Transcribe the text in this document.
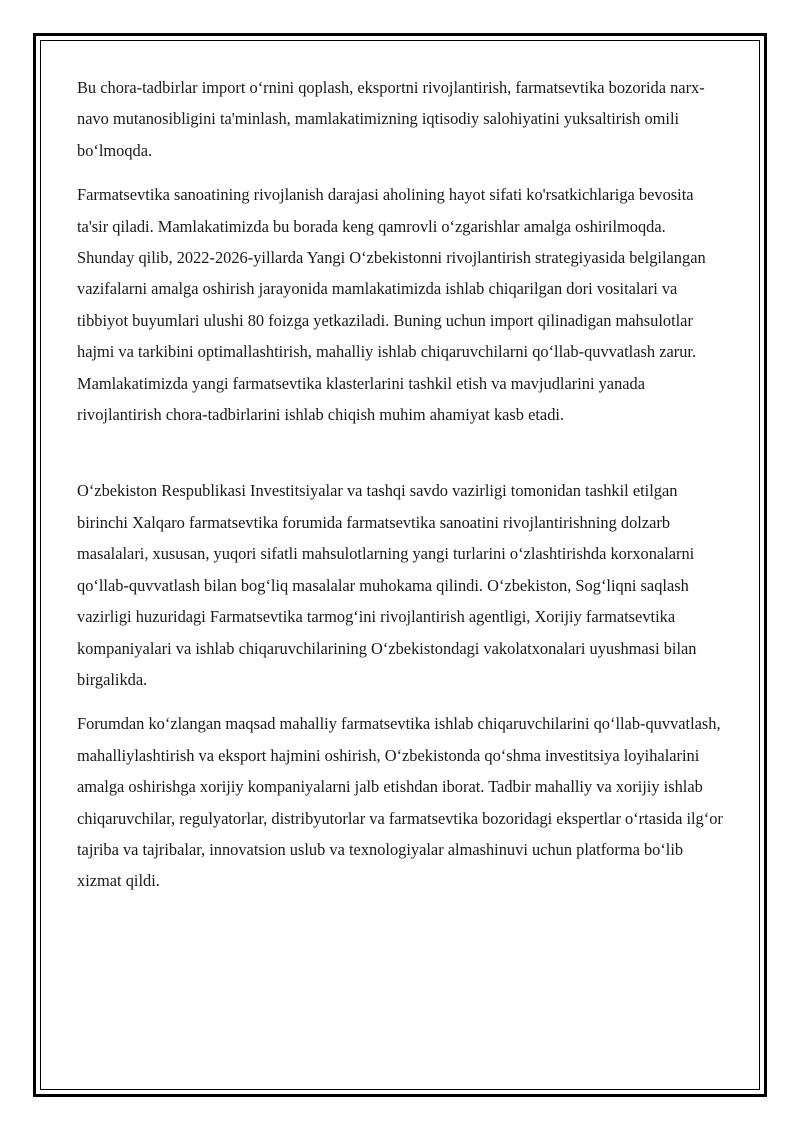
Bu chora-tadbirlar import o‘rnini qoplash, eksportni rivojlantirish, farmatsevtika bozorida narx-navo mutanosibligini ta'minlash, mamlakatimizning iqtisodiy salohiyatini yuksaltirish omili bo‘lmoqda.

Farmatsevtika sanoatining rivojlanish darajasi aholining hayot sifati ko'rsatkichlariga bevosita ta'sir qiladi. Mamlakatimizda bu borada keng qamrovli o‘zgarishlar amalga oshirilmoqda. Shunday qilib, 2022-2026-yillarda Yangi O‘zbekistonni rivojlantirish strategiyasida belgilangan vazifalarni amalga oshirish jarayonida mamlakatimizda ishlab chiqarilgan dori vositalari va tibbiyot buyumlari ulushi 80 foizga yetkaziladi. Buning uchun import qilinadigan mahsulotlar hajmi va tarkibini optimallashtirish, mahalliy ishlab chiqaruvchilarni qo‘llab-quvvatlash zarur. Mamlakatimizda yangi farmatsevtika klasterlarini tashkil etish va mavjudlarini yanada rivojlantirish chora-tadbirlarini ishlab chiqish muhim ahamiyat kasb etadi.

O‘zbekiston Respublikasi Investitsiyalar va tashqi savdo vazirligi tomonidan tashkil etilgan birinchi Xalqaro farmatsevtika forumida farmatsevtika sanoatini rivojlantirishning dolzarb masalalari, xususan, yuqori sifatli mahsulotlarning yangi turlarini o‘zlashtirishda korxonalarni qo‘llab-quvvatlash bilan bog‘liq masalalar muhokama qilindi. O‘zbekiston, Sog‘liqni saqlash vazirligi huzuridagi Farmatsevtika tarmog‘ini rivojlantirish agentligi, Xorijiy farmatsevtika kompaniyalari va ishlab chiqaruvchilarining O‘zbekistondagi vakolatxonalari uyushmasi bilan birgalikda.

Forumdan ko‘zlangan maqsad mahalliy farmatsevtika ishlab chiqaruvchilarini qo‘llab-quvvatlash, mahalliylashtirish va eksport hajmini oshirish, O‘zbekistonda qo‘shma investitsiya loyihalarini amalga oshirishga xorijiy kompaniyalarni jalb etishdan iborat. Tadbir mahalliy va xorijiy ishlab chiqaruvchilar, regulyatorlar, distribyutorlar va farmatsevtika bozoridagi ekspertlar o‘rtasida ilg‘or tajriba va tajribalar, innovatsion uslub va texnologiyalar almashinuvi uchun platforma bo‘lib xizmat qildi.
